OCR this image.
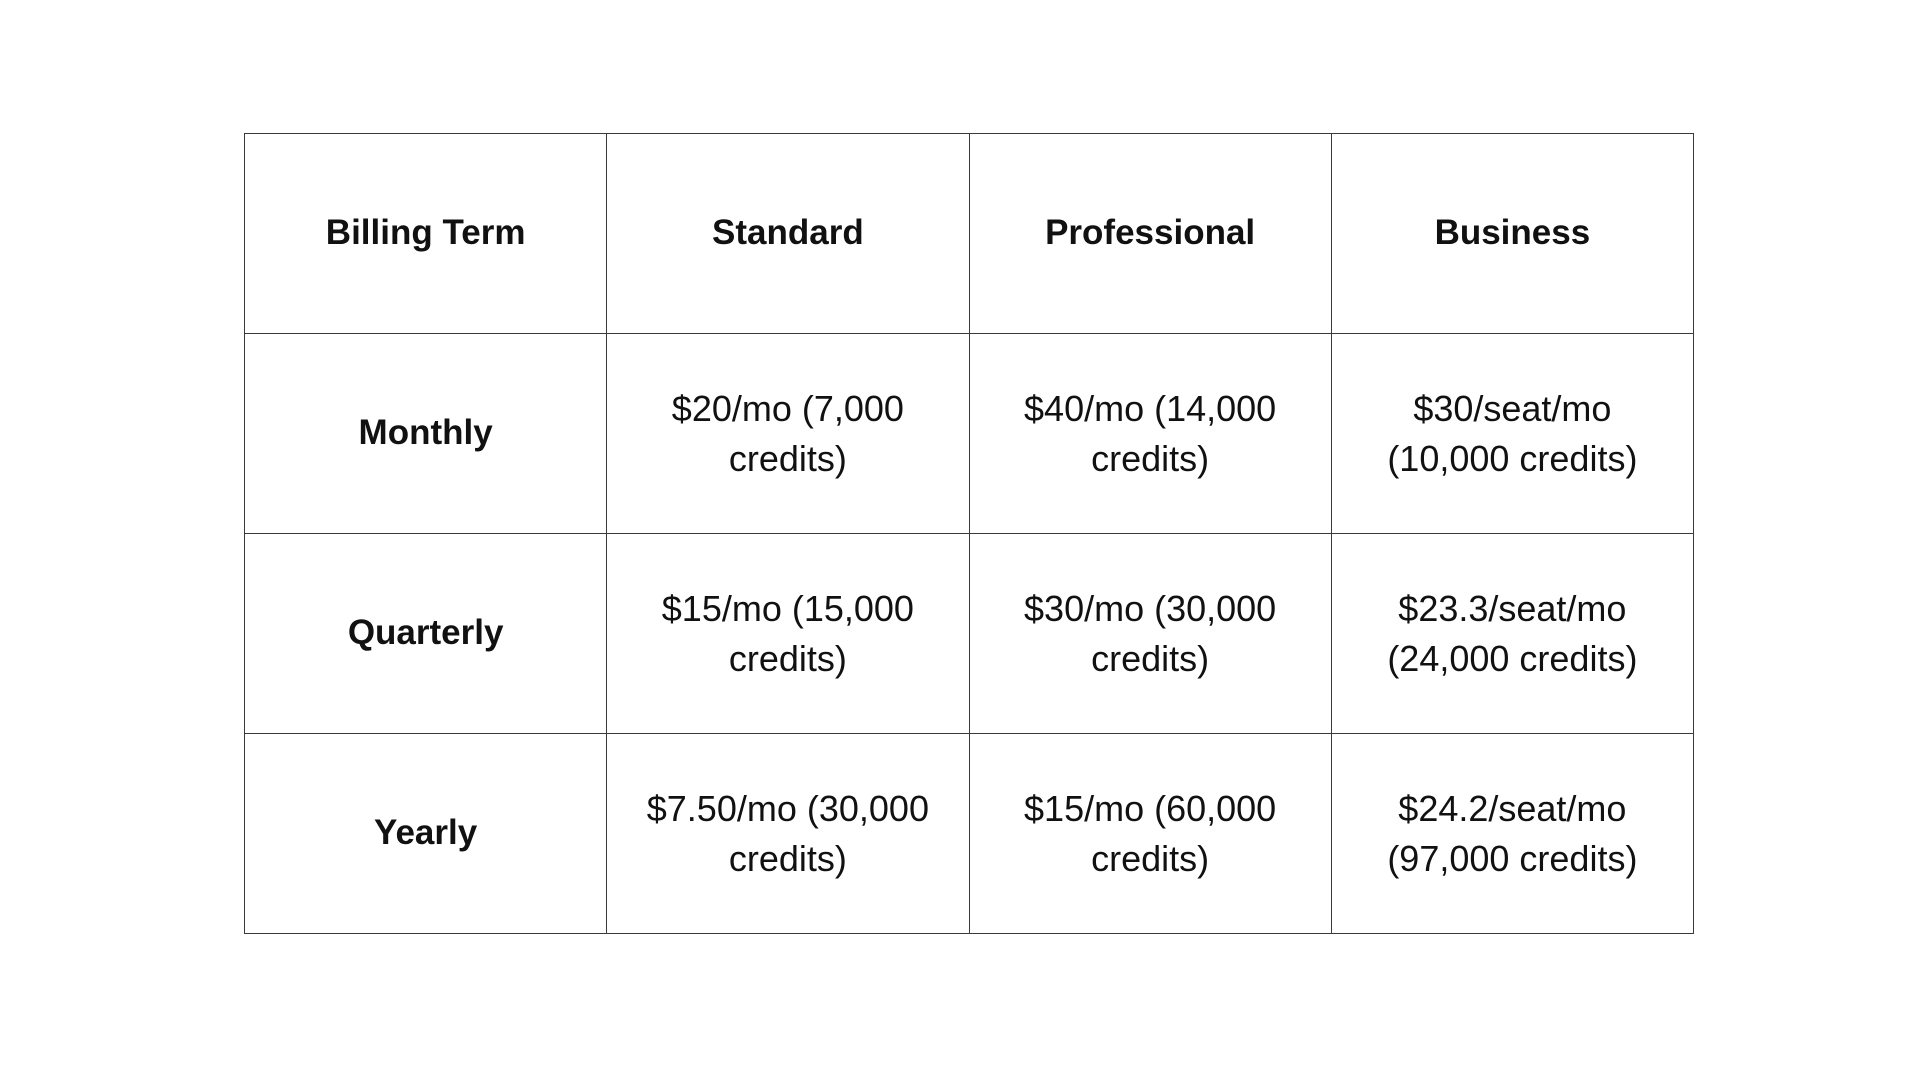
Billing Term	Standard	Professional	Business
Monthly	$20/mo (7,000 credits)	$40/mo (14,000 credits)	$30/seat/mo (10,000 credits)
Quarterly	$15/mo (15,000 credits)	$30/mo (30,000 credits)	$23.3/seat/mo (24,000 credits)
Yearly	$7.50/mo (30,000 credits)	$15/mo (60,000 credits)	$24.2/seat/mo (97,000 credits)
